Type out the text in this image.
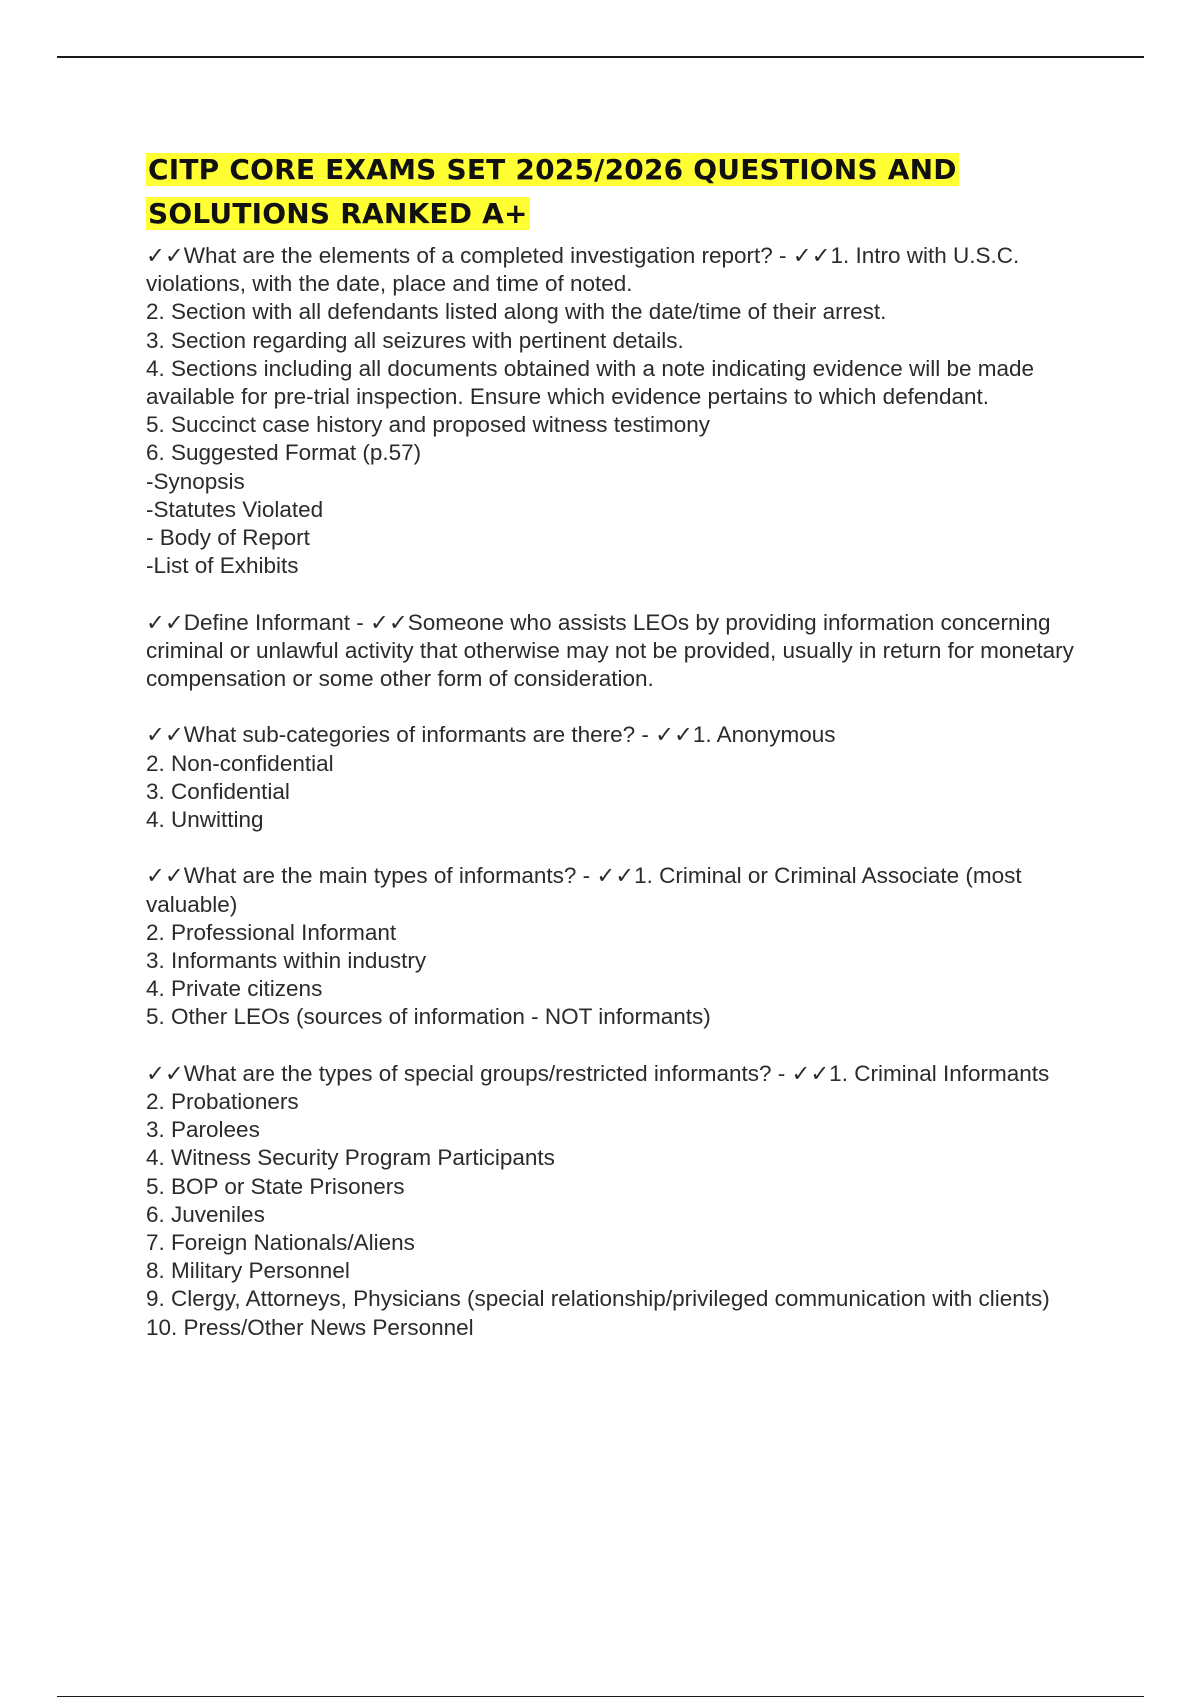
CITP CORE EXAMS SET 2025/2026 QUESTIONS AND
SOLUTIONS RANKED A+
✓✓What are the elements of a completed investigation report? - ✓✓1. Intro with U.S.C. violations, with the date, place and time of noted.
2. Section with all defendants listed along with the date/time of their arrest.
3. Section regarding all seizures with pertinent details.
4. Sections including all documents obtained with a note indicating evidence will be made available for pre-trial inspection. Ensure which evidence pertains to which defendant.
5. Succinct case history and proposed witness testimony
6. Suggested Format (p.57)
-Synopsis
-Statutes Violated
- Body of Report
-List of Exhibits
✓✓Define Informant - ✓✓Someone who assists LEOs by providing information concerning criminal or unlawful activity that otherwise may not be provided, usually in return for monetary compensation or some other form of consideration.
✓✓What sub-categories of informants are there? - ✓✓1. Anonymous
2. Non-confidential
3. Confidential
4. Unwitting
✓✓What are the main types of informants? - ✓✓1. Criminal or Criminal Associate (most valuable)
2. Professional Informant
3. Informants within industry
4. Private citizens
5. Other LEOs (sources of information - NOT informants)
✓✓What are the types of special groups/restricted informants? - ✓✓1. Criminal Informants
2. Probationers
3. Parolees
4. Witness Security Program Participants
5. BOP or State Prisoners
6. Juveniles
7. Foreign Nationals/Aliens
8. Military Personnel
9. Clergy, Attorneys, Physicians (special relationship/privileged communication with clients)
10. Press/Other News Personnel
